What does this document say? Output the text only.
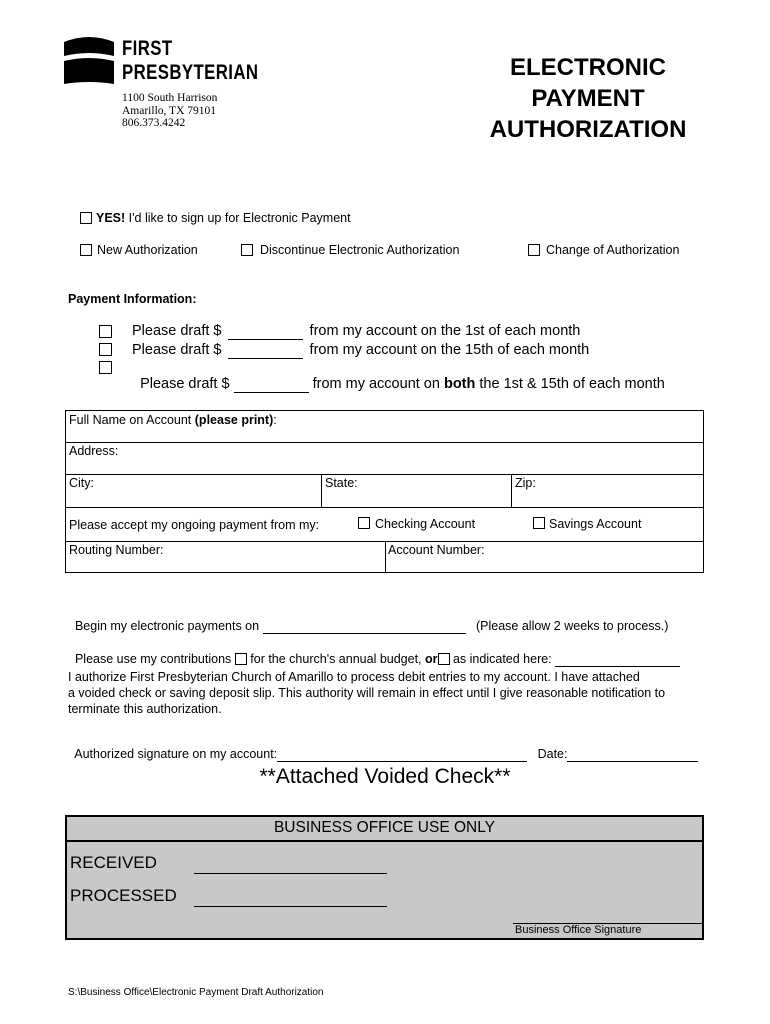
FIRST
PRESBYTERIAN
1100 South Harrison
Amarillo, TX 79101
806.373.4242
ELECTRONIC
PAYMENT
AUTHORIZATION
YES! I'd like to sign up for Electronic Payment
New Authorization	Discontinue Electronic Authorization	Change of Authorization
Payment Information:
Please draft $	from my account on the 1st of each month
Please draft $	from my account on the 15th of each month

Please draft $	from my account on both the 1st & 15th of each month

Full Name on Account (please print):
Address:
City:	State:	Zip:
Please accept my ongoing payment from my:	Checking Account	Savings Account
Routing Number:	Account Number:

Begin my electronic payments on	(Please allow 2 weeks to process.)

Please use my contributions for the church's annual budget, or as indicated here:

I authorize First Presbyterian Church of Amarillo to process debit entries to my account. I have attached
a voided check or saving deposit slip. This authority will remain in effect until I give reasonable notification to
terminate this authorization.

Authorized signature on my account:	Date:

**Attached Voided Check**
BUSINESS OFFICE USE ONLY
RECEIVED
PROCESSED
Business Office Signature
S:\Business Office\Electronic Payment Draft Authorization
